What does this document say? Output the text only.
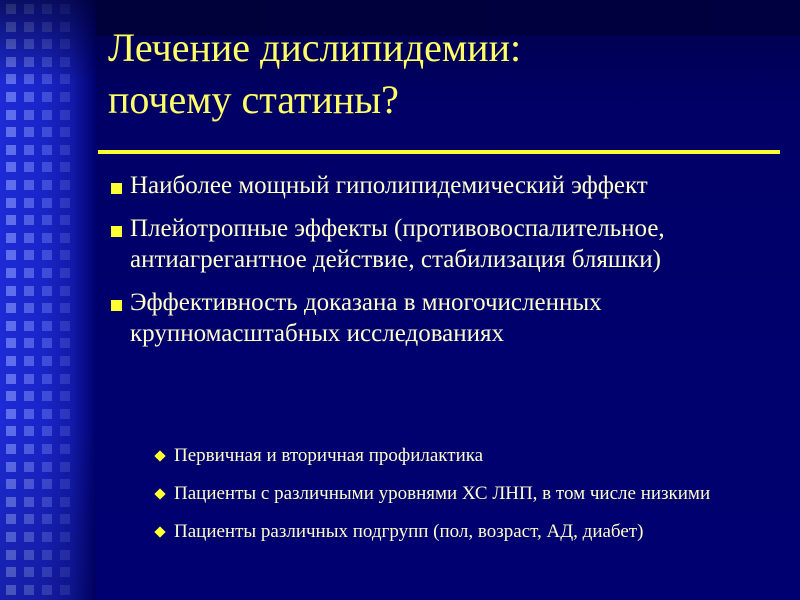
Лечение дислипидемии:
почему статины?
Наиболее мощный гиполипидемический эффект
Плейотропные эффекты (противовоспалительное, антиагрегантное действие, стабилизация бляшки)
Эффективность доказана в многочисленных крупномасштабных исследованиях
Первичная и вторичная профилактика
Пациенты с различными уровнями ХС ЛНП, в том числе низкими
Пациенты различных подгрупп (пол, возраст, АД, диабет)
